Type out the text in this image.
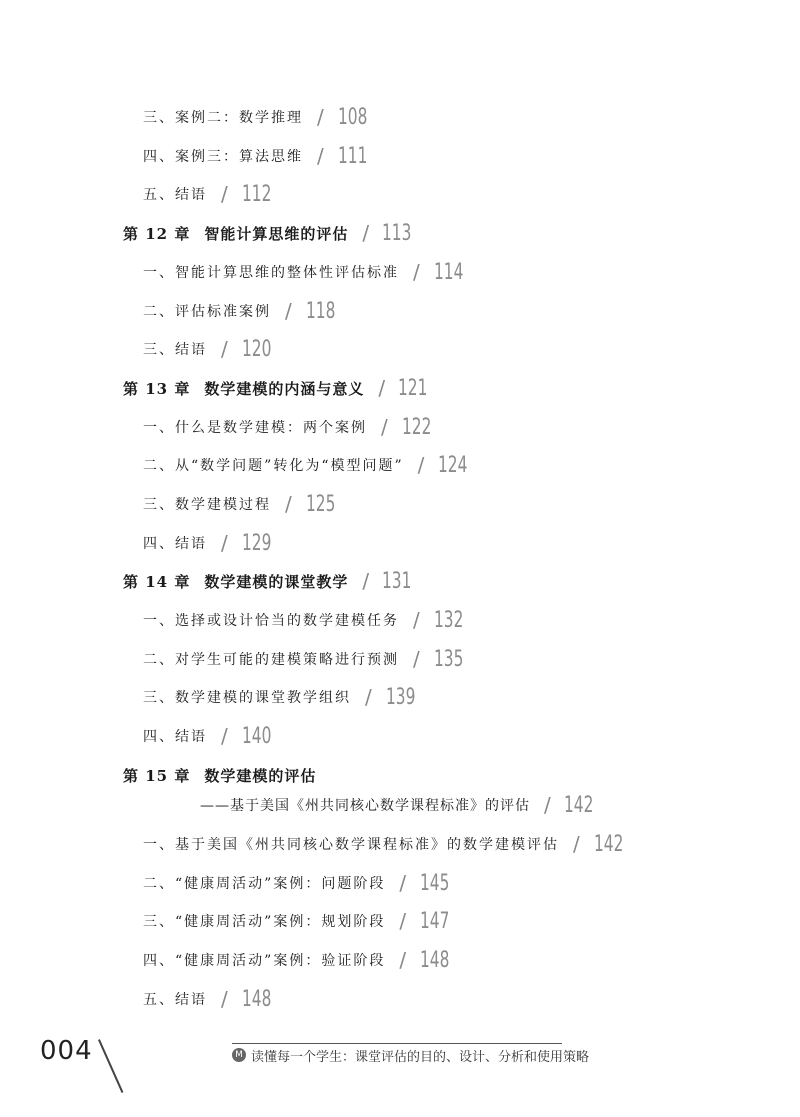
三、案例二：数学推理 / 108
四、案例三：算法思维 / 111
五、结语 / 112
第 12 章 智能计算思维的评估 / 113
一、智能计算思维的整体性评估标准 / 114
二、评估标准案例 / 118
三、结语 / 120
第 13 章 数学建模的内涵与意义 / 121
一、什么是数学建模：两个案例 / 122
二、从“数学问题”转化为“模型问题” / 124
三、数学建模过程 / 125
四、结语 / 129
第 14 章 数学建模的课堂教学 / 131
一、选择或设计恰当的数学建模任务 / 132
二、对学生可能的建模策略进行预测 / 135
三、数学建模的课堂教学组织 / 139
四、结语 / 140
第 15 章 数学建模的评估
——基于美国《州共同核心数学课程标准》的评估 / 142
一、基于美国《州共同核心数学课程标准》的数学建模评估 / 142
二、“健康周活动”案例：问题阶段 / 145
三、“健康周活动”案例：规划阶段 / 147
四、“健康周活动”案例：验证阶段 / 148
五、结语 / 148
004	M 读懂每一个学生：课堂评估的目的、设计、分析和使用策略
